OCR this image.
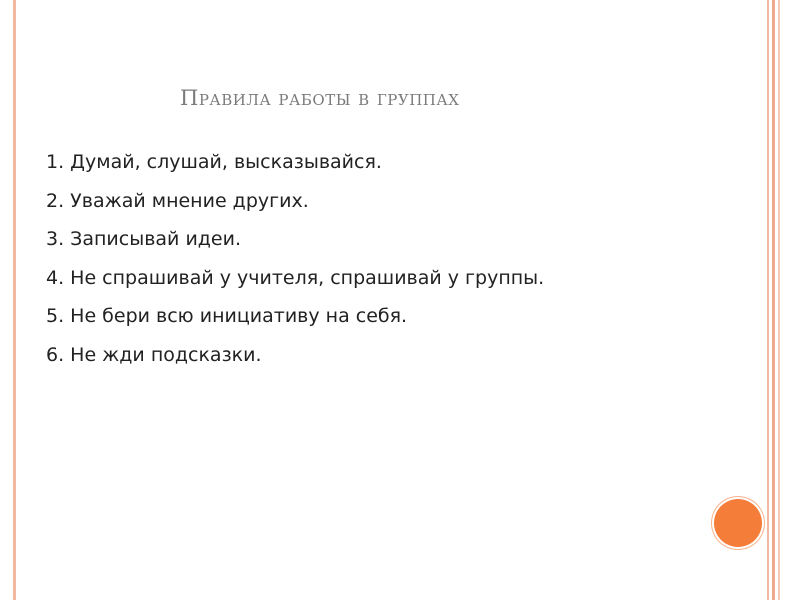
Правила работы в группах
1. Думай, слушай, высказывайся.
2. Уважай мнение других.
3. Записывай идеи.
4. Не спрашивай у учителя, спрашивай у группы.
5. Не бери всю инициативу на себя.
6. Не жди подсказки.
